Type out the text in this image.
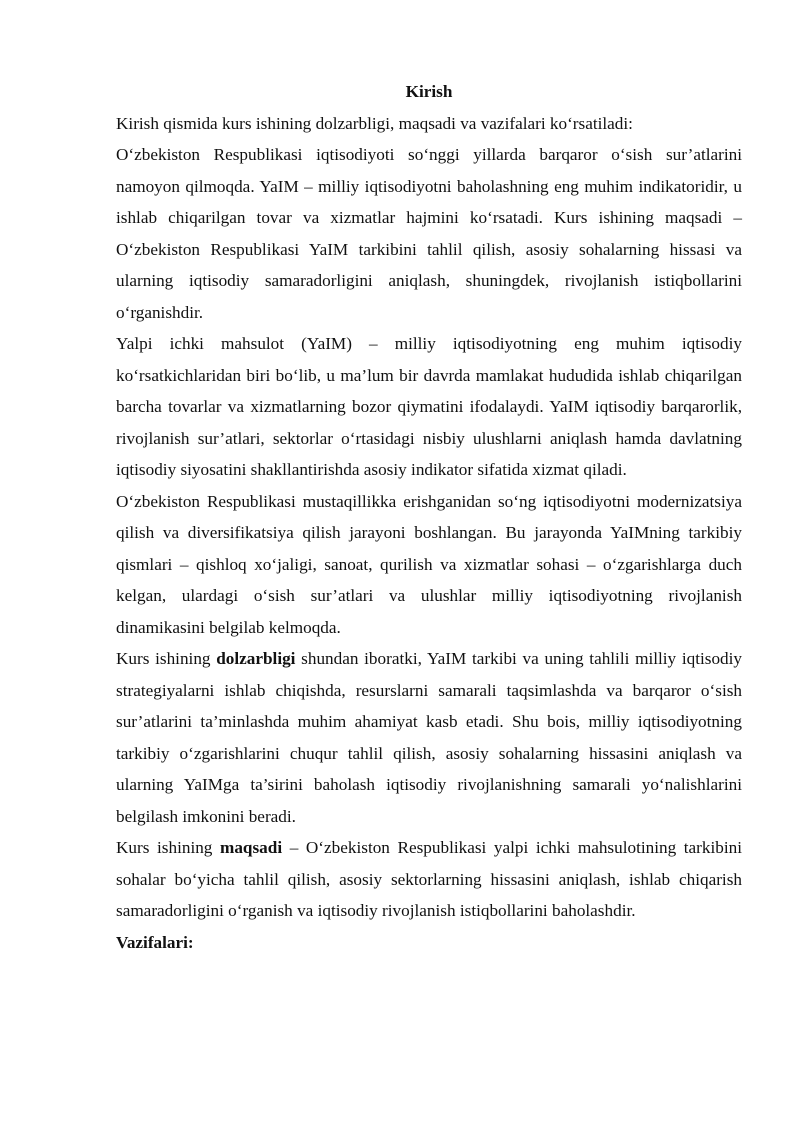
Kirish

Kirish qismida kurs ishining dolzarbligi, maqsadi va vazifalari ko‘rsatiladi:

O‘zbekiston Respublikasi iqtisodiyoti so‘nggi yillarda barqaror o‘sish sur’atlarini namoyon qilmoqda. YaIM – milliy iqtisodiyotni baholashning eng muhim indikatoridir, u ishlab chiqarilgan tovar va xizmatlar hajmini ko‘rsatadi. Kurs ishining maqsadi – O‘zbekiston Respublikasi YaIM tarkibini tahlil qilish, asosiy sohalarning hissasi va ularning iqtisodiy samaradorligini aniqlash, shuningdek, rivojlanish istiqbollarini o‘rganishdir.

Yalpi ichki mahsulot (YaIM) – milliy iqtisodiyotning eng muhim iqtisodiy ko‘rsatkichlaridan biri bo‘lib, u ma’lum bir davrda mamlakat hududida ishlab chiqarilgan barcha tovarlar va xizmatlarning bozor qiymatini ifodalaydi. YaIM iqtisodiy barqarorlik, rivojlanish sur’atlari, sektorlar o‘rtasidagi nisbiy ulushlarni aniqlash hamda davlatning iqtisodiy siyosatini shakllantirishda asosiy indikator sifatida xizmat qiladi.

O‘zbekiston Respublikasi mustaqillikka erishganidan so‘ng iqtisodiyotni modernizatsiya qilish va diversifikatsiya qilish jarayoni boshlangan. Bu jarayonda YaIMning tarkibiy qismlari – qishloq xo‘jaligi, sanoat, qurilish va xizmatlar sohasi – o‘zgarishlarga duch kelgan, ulardagi o‘sish sur’atlari va ulushlar milliy iqtisodiyotning rivojlanish dinamikasini belgilab kelmoqda.

Kurs ishining dolzarbligi shundan iboratki, YaIM tarkibi va uning tahlili milliy iqtisodiy strategiyalarni ishlab chiqishda, resurslarni samarali taqsimlashda va barqaror o‘sish sur’atlarini ta’minlashda muhim ahamiyat kasb etadi. Shu bois, milliy iqtisodiyotning tarkibiy o‘zgarishlarini chuqur tahlil qilish, asosiy sohalarning hissasini aniqlash va ularning YaIMga ta’sirini baholash iqtisodiy rivojlanishning samarali yo‘nalishlarini belgilash imkonini beradi.

Kurs ishining maqsadi – O‘zbekiston Respublikasi yalpi ichki mahsulotining tarkibini sohalar bo‘yicha tahlil qilish, asosiy sektorlarning hissasini aniqlash, ishlab chiqarish samaradorligini o‘rganish va iqtisodiy rivojlanish istiqbollarini baholashdir.

Vazifalari:
